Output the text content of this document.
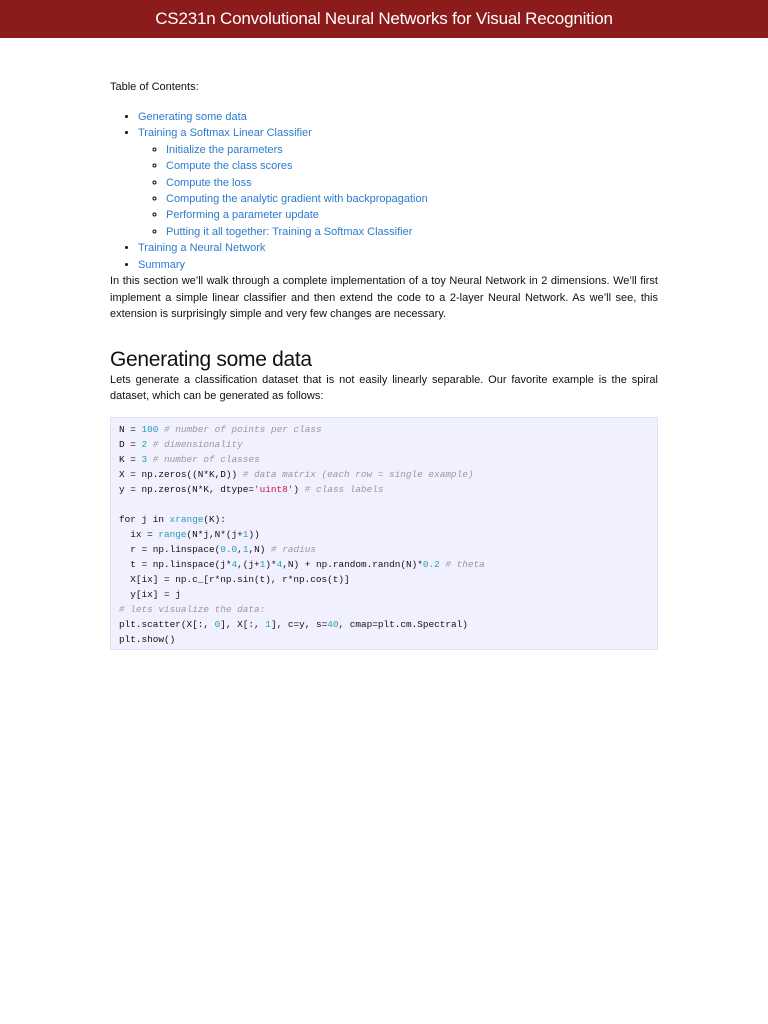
CS231n Convolutional Neural Networks for Visual Recognition
Table of Contents:
• Generating some data
• Training a Softmax Linear Classifier
◦ Initialize the parameters
◦ Compute the class scores
◦ Compute the loss
◦ Computing the analytic gradient with backpropagation
◦ Performing a parameter update
◦ Putting it all together: Training a Softmax Classifier
• Training a Neural Network
• Summary

In this section we’ll walk through a complete implementation of a toy Neural Network in 2 dimensions. We’ll first implement a simple linear classifier and then extend the code to a 2-layer Neural Network. As we’ll see, this extension is surprisingly simple and very few changes are necessary.

Generating some data

Lets generate a classification dataset that is not easily linearly separable. Our favorite example is the spiral dataset, which can be generated as follows:

N = 100 # number of points per class
D = 2 # dimensionality
K = 3 # number of classes
X = np.zeros((N*K,D)) # data matrix (each row = single example)
y = np.zeros(N*K, dtype='uint8') # class labels

for j in xrange(K):
ix = range(N*j,N*(j+1))
r = np.linspace(0.0,1,N) # radius
t = np.linspace(j*4,(j+1)*4,N) + np.random.randn(N)*0.2 # theta
X[ix] = np.c_[r*np.sin(t), r*np.cos(t)]
y[ix] = j
# lets visualize the data:
plt.scatter(X[:, 0], X[:, 1], c=y, s=40, cmap=plt.cm.Spectral)
plt.show()
